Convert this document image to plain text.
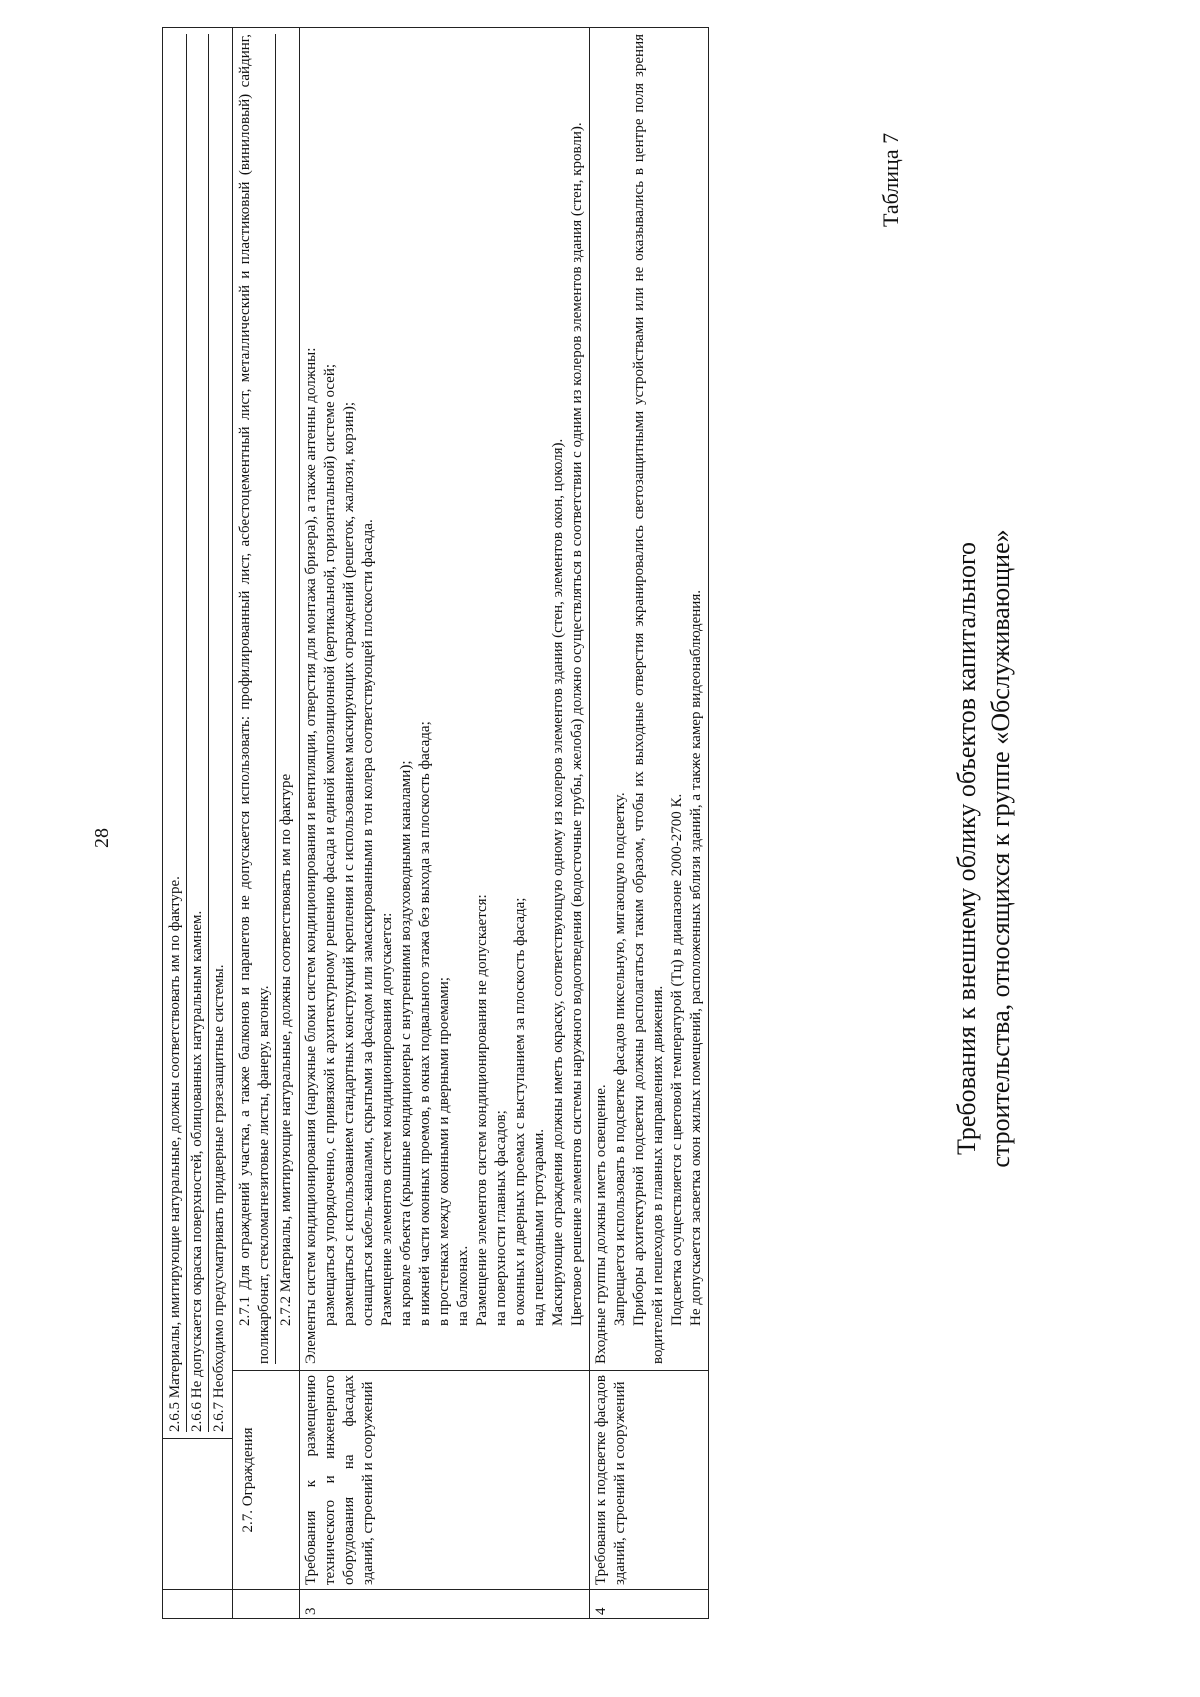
28

2.6.5 Материалы, имитирующие натуральные, должны соответствовать им по фактуре. 2.6.6 Не допускается окраска поверхностей, облицованных натуральным камнем. 2.6.7 Необходимо предусматривать придверные грязезащитные системы.

2.7. Ограждения

2.7.1 Для ограждений участка, а также балконов и парапетов не допускается использовать: профилированный лист, асбестоцементный лист, металлический и пластиковый (виниловый) сайдинг, поликарбонат, стекломагнезитовые листы, фанеру, вагонку. 2.7.2 Материалы, имитирующие натуральные, должны соответствовать им по фактуре

3
Требования к размещению технического и инженерного оборудования на фасадах зданий, строений и сооружений

Элементы систем кондиционирования (наружные блоки систем кондиционирования и вентиляции, отверстия для монтажа бризера), а также антенны должны: размещаться упорядоченно, с привязкой к архитектурному решению фасада и единой композиционной (вертикальной, горизонтальной) системе осей; размещаться с использованием стандартных конструкций крепления и с использованием маскирующих ограждений (решеток, жалюзи, корзин); оснащаться кабель-каналами, скрытыми за фасадом или замаскированными в тон колера соответствующей плоскости фасада. Размещение элементов систем кондиционирования допускается: на кровле объекта (крышные кондиционеры с внутренними воздуховодными каналами); в нижней части оконных проемов, в окнах подвального этажа без выхода за плоскость фасада; в простенках между оконными и дверными проемами; на балконах. Размещение элементов систем кондиционирования не допускается: на поверхности главных фасадов; в оконных и дверных проемах с выступанием за плоскость фасада; над пешеходными тротуарами. Маскирующие ограждения должны иметь окраску, соответствующую одному из колеров элементов здания (стен, элементов окон, цоколя). Цветовое решение элементов системы наружного водоотведения (водосточные трубы, желоба) должно осуществляться в соответствии с одним из колеров элементов здания (стен, кровли).

4
Требования к подсветке фасадов зданий, строений и сооружений

Входные группы должны иметь освещение. Запрещается использовать в подсветке фасадов пиксельную, мигающую подсветку. Приборы архитектурной подсветки должны располагаться таким образом, чтобы их выходные отверстия экранировались светозащитными устройствами или не оказывались в центре поля зрения водителей и пешеходов в главных направлениях движения. Подсветка осуществляется с цветовой температурой (Тц) в диапазоне 2000-2700 К. Не допускается засветка окон жилых помещений, расположенных вблизи зданий, а также камер видеонаблюдения.

Таблица 7
Требования к внешнему облику объектов капитального строительства, относящихся к группе «Обслуживающие»
